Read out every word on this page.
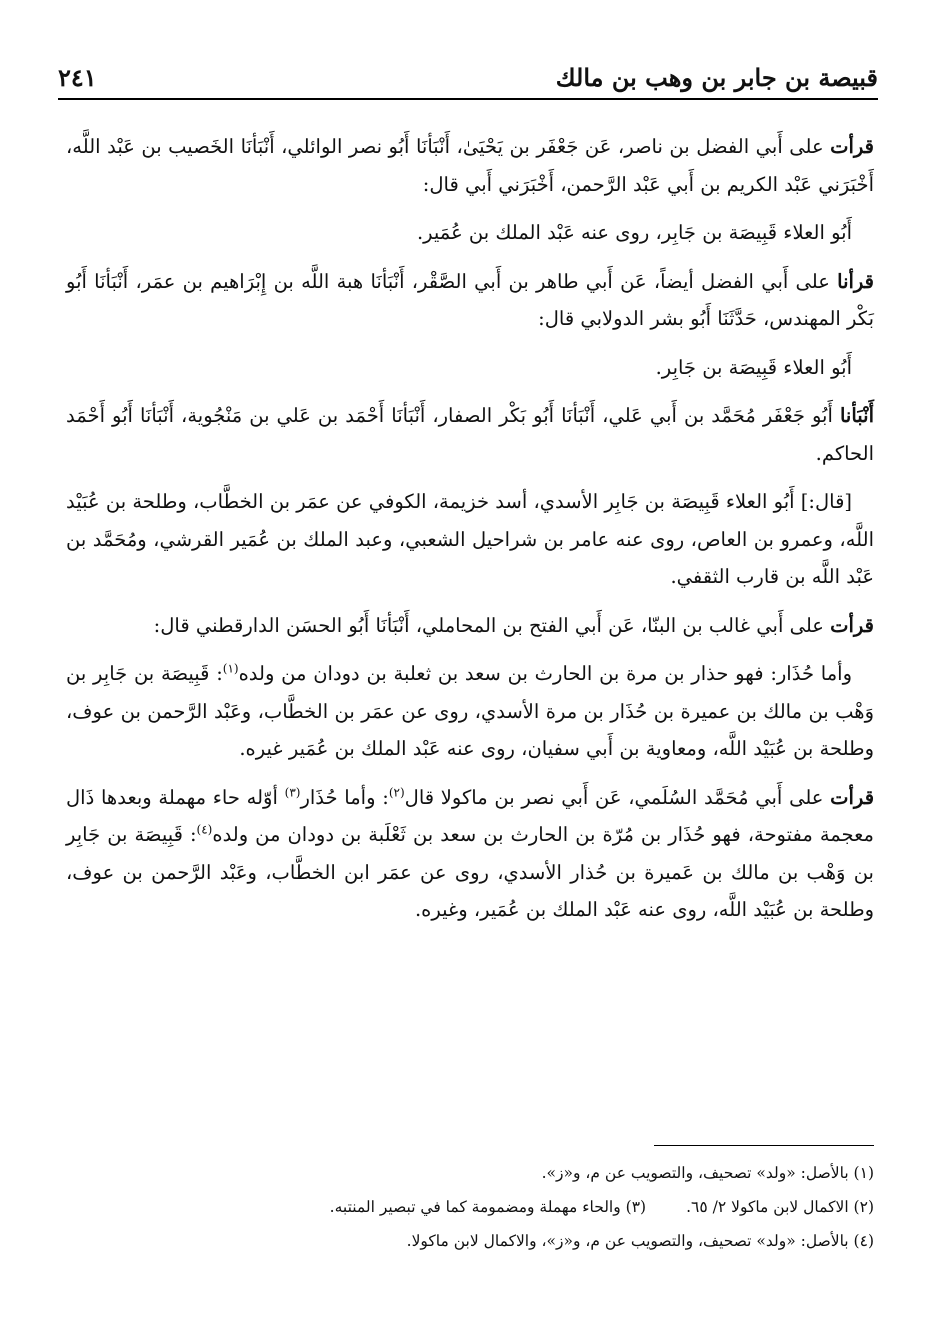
قبيصة بن جابر بن وهب بن مالك
٢٤١

قرأت على أَبي الفضل بن ناصر، عَن جَعْفَر بن يَحْيَىٰ، أَنْبَأنَا أَبُو نصر الوائلي، أَنْبَأنَا الخَصيب بن عَبْد اللَّه، أَخْبَرَني عَبْد الكريم بن أَبي عَبْد الرَّحمن، أَخْبَرَني أَبي قال:

أَبُو العلاء قَبِيصَة بن جَابِر، روى عنه عَبْد الملك بن عُمَير.

قرأنا على أَبي الفضل أيضاً، عَن أَبي طاهر بن أَبي الصَّقْر، أَنْبَأنَا هبة اللَّه بن إِبْرَاهيم بن عمَر، أَنْبَأنَا أَبُو بَكْر المهندس، حَدَّثَنَا أَبُو بشر الدولابي قال:

أَبُو العلاء قَبِيصَة بن جَابِر.

أَنْبَأنا أَبُو جَعْفَر مُحَمَّد بن أَبي عَلي، أَنْبَأنَا أَبُو بَكْر الصفار، أَنْبَأنَا أَحْمَد بن عَلي بن مَنْجُوية، أَنْبَأنَا أَبُو أَحْمَد الحاكم.

[قال:] أَبُو العلاء قَبِيصَة بن جَابِر الأسدي، أسد خزيمة، الكوفي عن عمَر بن الخطَّاب، وطلحة بن عُبَيْد اللَّه، وعمرو بن العاص، روى عنه عامر بن شراحيل الشعبي، وعبد الملك بن عُمَير القرشي، ومُحَمَّد بن عَبْد اللَّه بن قارب الثقفي.

قرأت على أَبي غالب بن البنّا، عَن أَبي الفتح بن المحاملي، أَنْبَأنَا أَبُو الحسَن الدارقطني قال:

وأما حُذَار: فهو حذار بن مرة بن الحارث بن سعد بن ثعلبة بن دودان من ولده$^{(١)}$: قَبِيصَة بن جَابِر بن وَهْب بن مالك بن عميرة بن حُذَار بن مرة الأسدي، روى عن عمَر بن الخطَّاب، وعَبْد الرَّحمن بن عوف، وطلحة بن عُبَيْد اللَّه، ومعاوية بن أَبي سفيان، روى عنه عَبْد الملك بن عُمَير غيره.

قرأت على أَبي مُحَمَّد السُلَمي، عَن أَبي نصر بن ماكولا قال$^{(٢)}$: وأما حُذَار$^{(٣)}$ أوّله حاء مهملة وبعدها ذَال معجمة مفتوحة، فهو حُذَار بن مُرّة بن الحارث بن سعد بن ثَعْلَبة بن دودان من ولده$^{(٤)}$: قَبِيصَة بن جَابِر بن وَهْب بن مالك بن عَميرة بن حُذار الأسدي، روى عن عمَر ابن الخطَّاب، وعَبْد الرَّحمن بن عوف، وطلحة بن عُبَيْد اللَّه، روى عنه عَبْد الملك بن عُمَير، وغيره.

(١) بالأصل: «ولد» تصحيف، والتصويب عن م، و«ز».
(٢) الاكمال لابن ماكولا ٢/ ٦٥.
(٣) والحاء مهملة ومضمومة كما في تبصير المنتبه.
(٤) بالأصل: «ولد» تصحيف، والتصويب عن م، و«ز»، والاكمال لابن ماكولا.
